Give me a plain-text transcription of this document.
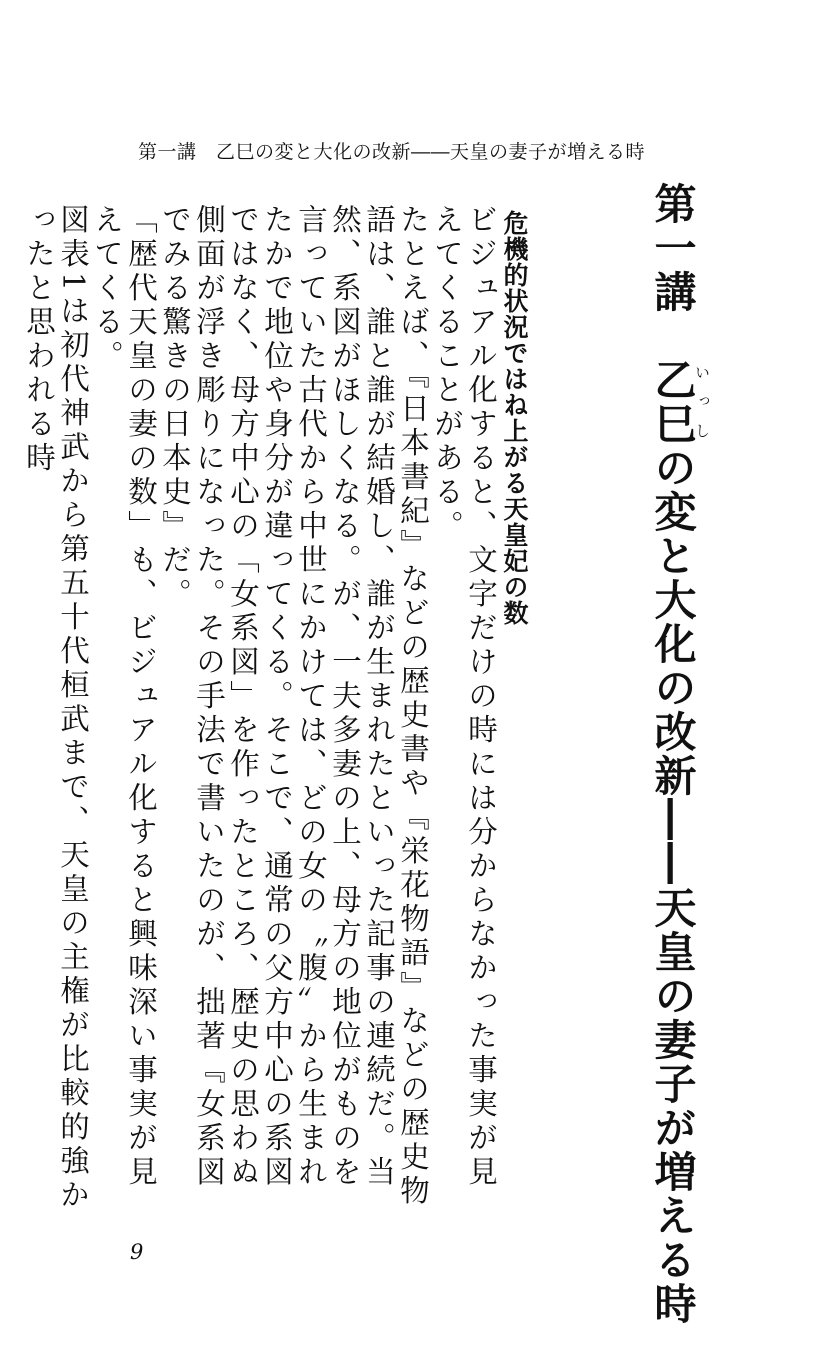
第一講　乙巳の変と大化の改新――天皇の妻子が増える時
第一講　乙巳いっしの変と大化の改新――天皇の妻子が増える時
危機的状況ではね上がる天皇妃の数

ビジュアル化すると、文字だけの時には分からなかった事実が見えてくることがある。

たとえば、『日本書紀』などの歴史書や『栄花物語』などの歴史物語は、誰と誰が結婚し、誰が生まれたといった記事の連続だ。当然、系図がほしくなる。が、一夫多妻の上、母方の地位がものを言っていた古代から中世にかけては、どの女の〝腹〟から生まれたかで地位や身分が違ってくる。そこで、通常の父方中心の系図ではなく、母方中心の「女系図」を作ったところ、歴史の思わぬ側面が浮き彫りになった。その手法で書いたのが、拙著『女系図でみる驚きの日本史』だ。

「歴代天皇の妻の数」も、ビジュアル化すると興味深い事実が見えてくる。

図表1は初代神武から第五十代桓武まで、天皇の主権が比較的強かったと思われる時

9
